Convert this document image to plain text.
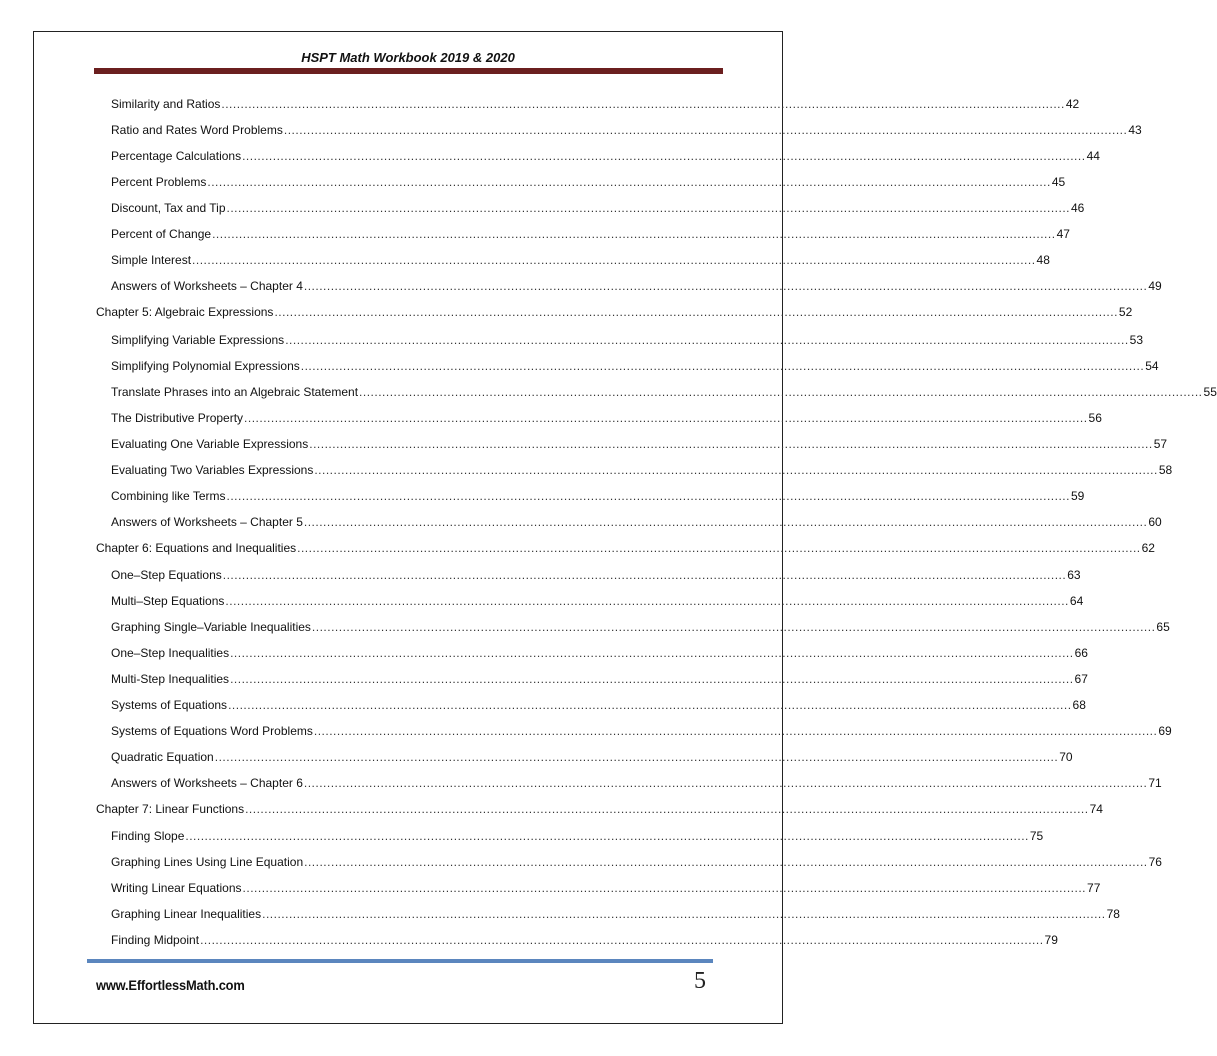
HSPT Math Workbook 2019 & 2020
Similarity and Ratios ............................................................................................................................................................................................................................ 42
Ratio and Rates Word Problems ............................................................................................................................................................................................................................ 43
Percentage Calculations ............................................................................................................................................................................................................................ 44
Percent Problems ............................................................................................................................................................................................................................ 45
Discount, Tax and Tip ............................................................................................................................................................................................................................ 46
Percent of Change ............................................................................................................................................................................................................................ 47
Simple Interest ............................................................................................................................................................................................................................ 48
Answers of Worksheets – Chapter 4 ............................................................................................................................................................................................................................ 49
Chapter 5: Algebraic Expressions ............................................................................................................................................................................................................................ 52
Simplifying Variable Expressions ............................................................................................................................................................................................................................ 53
Simplifying Polynomial Expressions ............................................................................................................................................................................................................................ 54
Translate Phrases into an Algebraic Statement ............................................................................................................................................................................................................................ 55
The Distributive Property ............................................................................................................................................................................................................................ 56
Evaluating One Variable Expressions ............................................................................................................................................................................................................................ 57
Evaluating Two Variables Expressions ............................................................................................................................................................................................................................ 58
Combining like Terms ............................................................................................................................................................................................................................ 59
Answers of Worksheets – Chapter 5 ............................................................................................................................................................................................................................ 60
Chapter 6: Equations and Inequalities ............................................................................................................................................................................................................................ 62
One–Step Equations ............................................................................................................................................................................................................................ 63
Multi–Step Equations ............................................................................................................................................................................................................................ 64
Graphing Single–Variable Inequalities ............................................................................................................................................................................................................................ 65
One–Step Inequalities ............................................................................................................................................................................................................................ 66
Multi-Step Inequalities ............................................................................................................................................................................................................................ 67
Systems of Equations ............................................................................................................................................................................................................................ 68
Systems of Equations Word Problems ............................................................................................................................................................................................................................ 69
Quadratic Equation ............................................................................................................................................................................................................................ 70
Answers of Worksheets – Chapter 6 ............................................................................................................................................................................................................................ 71
Chapter 7: Linear Functions ............................................................................................................................................................................................................................ 74
Finding Slope ............................................................................................................................................................................................................................ 75
Graphing Lines Using Line Equation ............................................................................................................................................................................................................................ 76
Writing Linear Equations ............................................................................................................................................................................................................................ 77
Graphing Linear Inequalities ............................................................................................................................................................................................................................ 78
Finding Midpoint ............................................................................................................................................................................................................................ 79
www.EffortlessMath.com	5
